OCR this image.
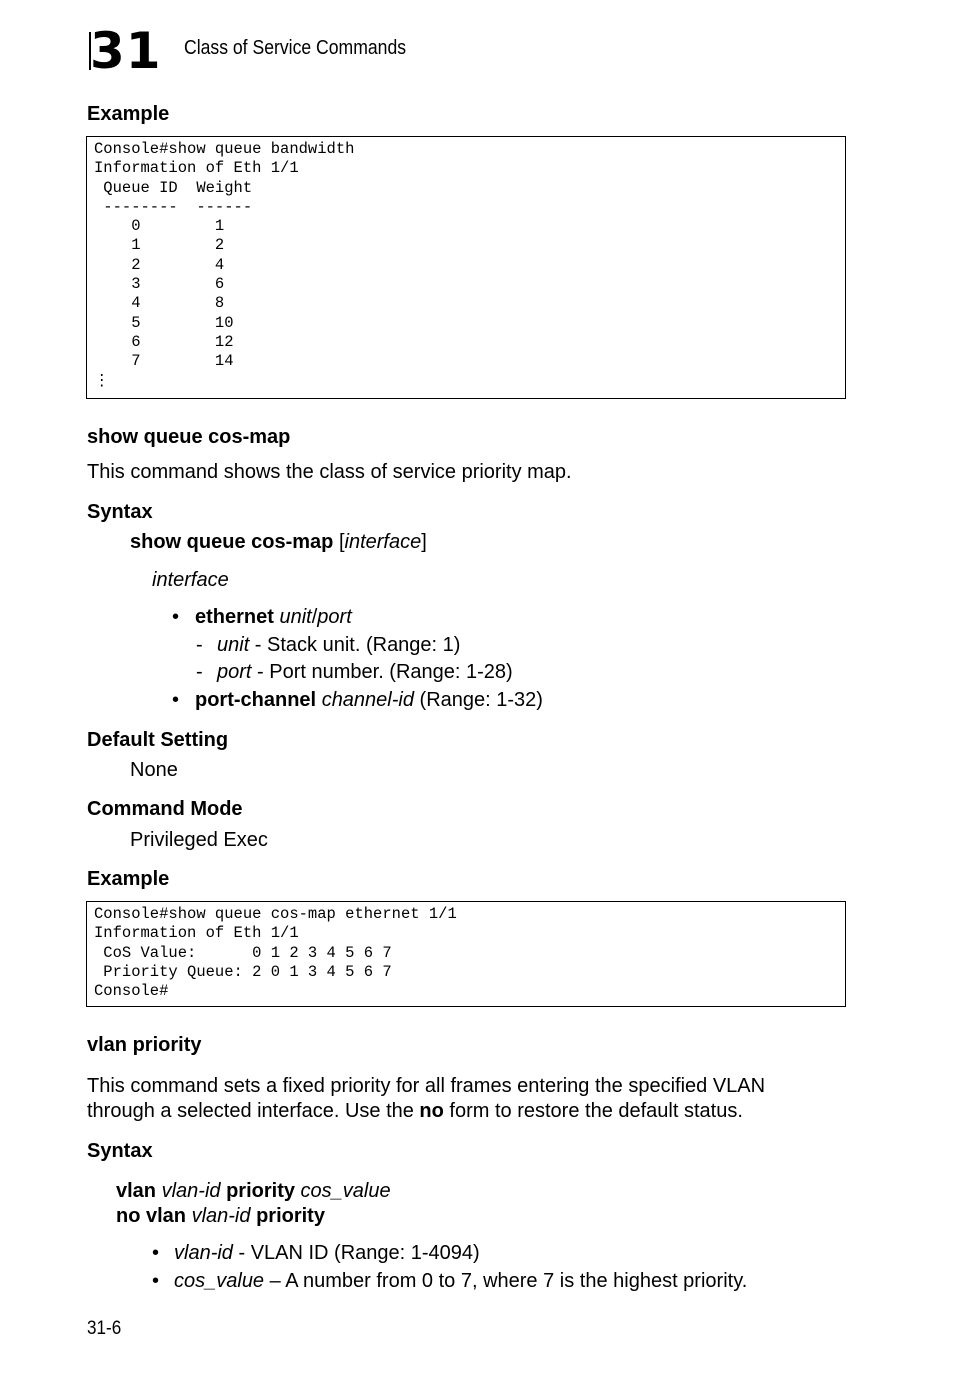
31 Class of Service Commands
Example
Console#show queue bandwidth
Information of Eth 1/1
Queue ID  Weight
--------  ------
0        1
1        2
2        4
3        6
4        8
5        10
6        12
7        14
⋮
show queue cos-map
This command shows the class of service priority map.
Syntax
show queue cos-map [interface]
interface
• ethernet unit/port
- unit - Stack unit. (Range: 1)
- port - Port number. (Range: 1-28)
• port-channel channel-id (Range: 1-32)
Default Setting
None
Command Mode
Privileged Exec
Example
Console#show queue cos-map ethernet 1/1
Information of Eth 1/1
CoS Value:      0 1 2 3 4 5 6 7
Priority Queue: 2 0 1 3 4 5 6 7
Console#
vlan priority
This command sets a fixed priority for all frames entering the specified VLAN
through a selected interface. Use the no form to restore the default status.
Syntax
vlan vlan-id priority cos_value
no vlan vlan-id priority
• vlan-id - VLAN ID (Range: 1-4094)
• cos_value – A number from 0 to 7, where 7 is the highest priority.
31-6
